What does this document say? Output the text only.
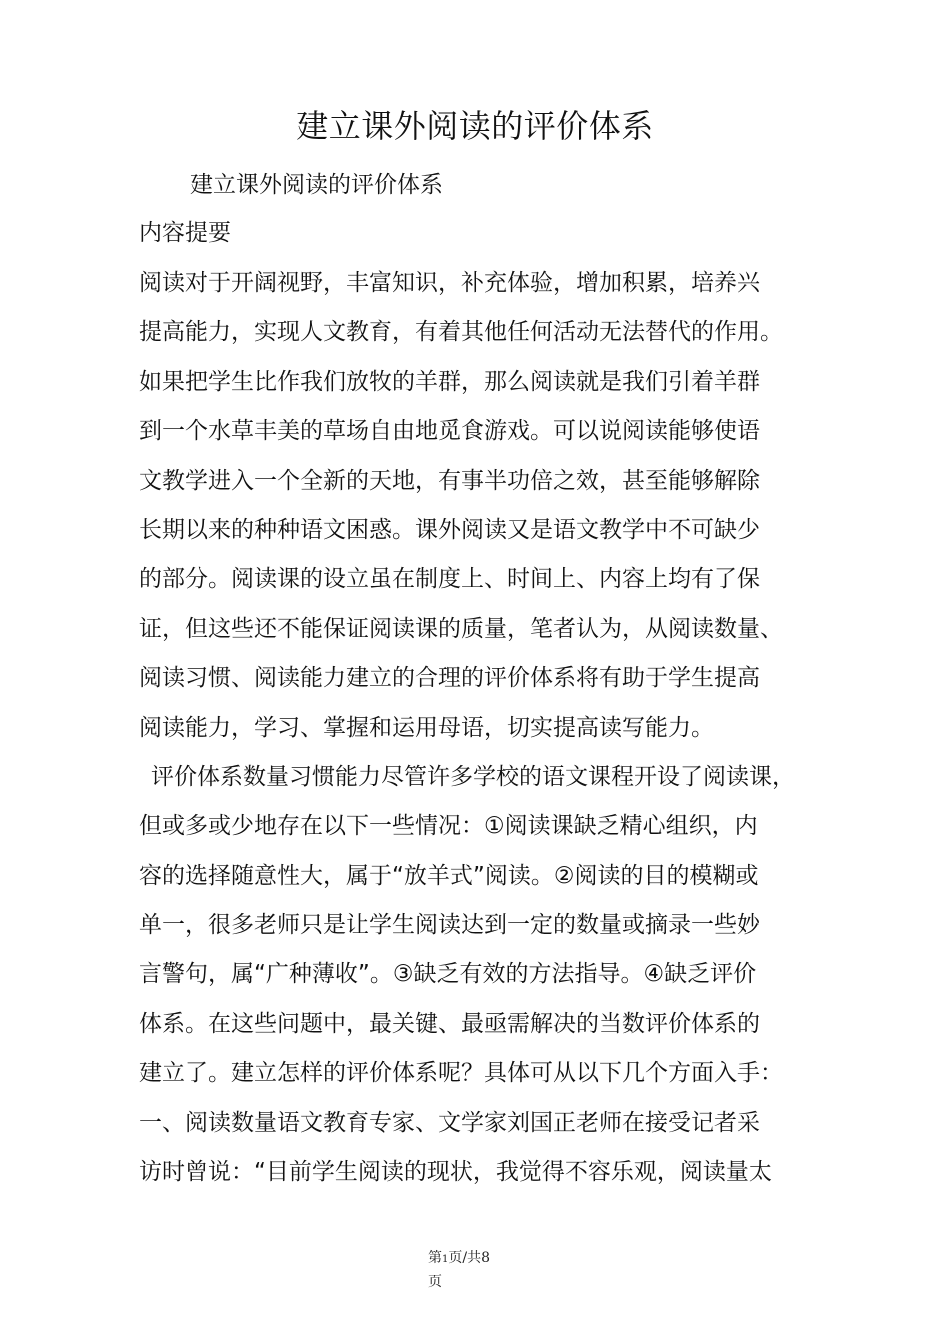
建立课外阅读的评价体系

建立课外阅读的评价体系

内容提要

阅读对于开阔视野，丰富知识，补充体验，增加积累，培养兴
提高能力，实现人文教育，有着其他任何活动无法替代的作用。
如果把学生比作我们放牧的羊群，那么阅读就是我们引着羊群
到一个水草丰美的草场自由地觅食游戏。可以说阅读能够使语
文教学进入一个全新的天地，有事半功倍之效，甚至能够解除
长期以来的种种语文困惑。课外阅读又是语文教学中不可缺少
的部分。阅读课的设立虽在制度上、时间上、内容上均有了保
证，但这些还不能保证阅读课的质量，笔者认为，从阅读数量、
阅读习惯、阅读能力建立的合理的评价体系将有助于学生提高
阅读能力，学习、掌握和运用母语，切实提高读写能力。
评价体系数量习惯能力尽管许多学校的语文课程开设了阅读课，
但或多或少地存在以下一些情况：①阅读课缺乏精心组织，内
容的选择随意性大，属于“放羊式”阅读。②阅读的目的模糊或
单一，很多老师只是让学生阅读达到一定的数量或摘录一些妙
言警句，属“广种薄收”。③缺乏有效的方法指导。④缺乏评价
体系。在这些问题中，最关键、最亟需解决的当数评价体系的
建立了。建立怎样的评价体系呢？具体可从以下几个方面入手：
一、阅读数量语文教育专家、文学家刘国正老师在接受记者采
访时曾说：“目前学生阅读的现状，我觉得不容乐观，阅读量太
第1页/共8
页
